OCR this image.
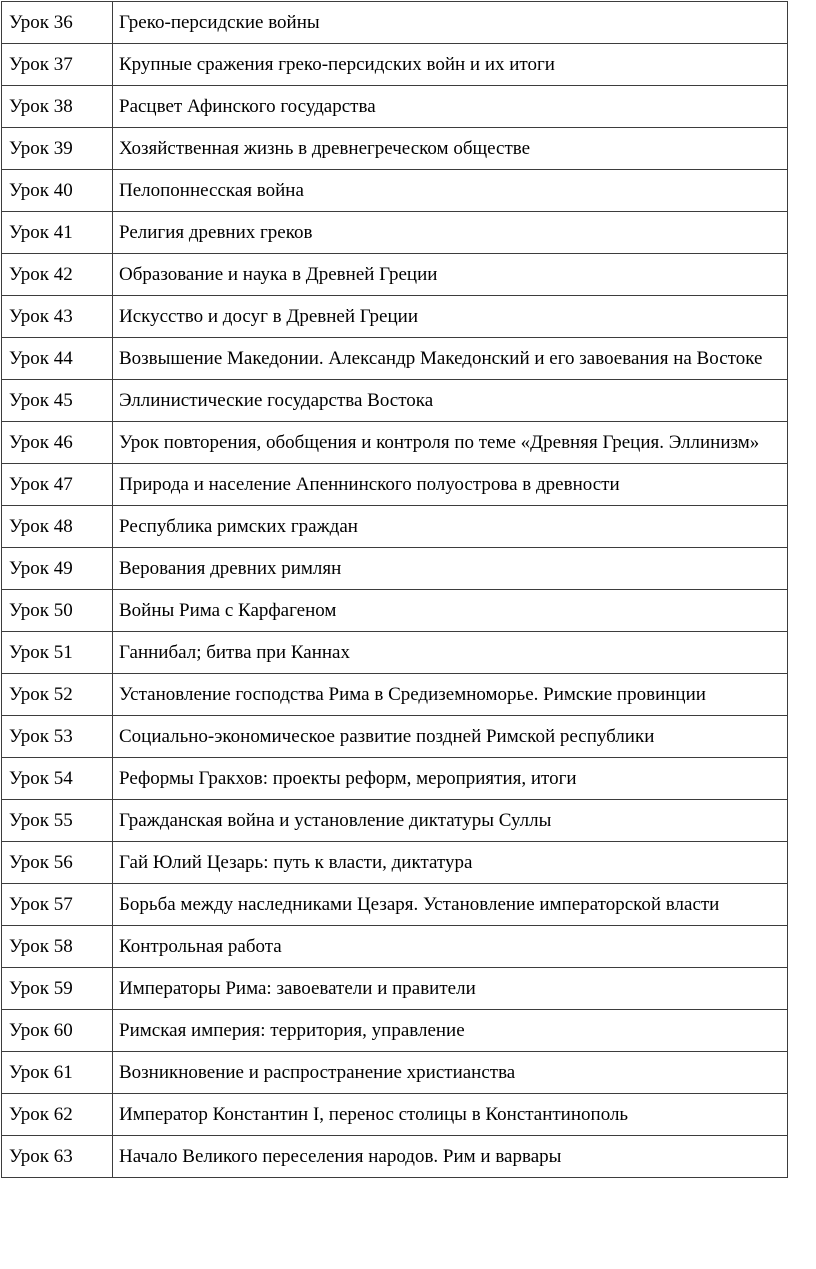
Урок 36	Греко-персидские войны
Урок 37	Крупные сражения греко-персидских войн и их итоги
Урок 38	Расцвет Афинского государства
Урок 39	Хозяйственная жизнь в древнегреческом обществе
Урок 40	Пелопоннесская война
Урок 41	Религия древних греков
Урок 42	Образование и наука в Древней Греции
Урок 43	Искусство и досуг в Древней Греции
Урок 44	Возвышение Македонии. Александр Македонский и его завоевания на Востоке
Урок 45	Эллинистические государства Востока
Урок 46	Урок повторения, обобщения и контроля по теме «Древняя Греция. Эллинизм»
Урок 47	Природа и население Апеннинского полуострова в древности
Урок 48	Республика римских граждан
Урок 49	Верования древних римлян
Урок 50	Войны Рима с Карфагеном
Урок 51	Ганнибал; битва при Каннах
Урок 52	Установление господства Рима в Средиземноморье. Римские провинции
Урок 53	Социально-экономическое развитие поздней Римской республики
Урок 54	Реформы Гракхов: проекты реформ, мероприятия, итоги
Урок 55	Гражданская война и установление диктатуры Суллы
Урок 56	Гай Юлий Цезарь: путь к власти, диктатура
Урок 57	Борьба между наследниками Цезаря. Установление императорской власти
Урок 58	Контрольная работа
Урок 59	Императоры Рима: завоеватели и правители
Урок 60	Римская империя: территория, управление
Урок 61	Возникновение и распространение христианства
Урок 62	Император Константин I, перенос столицы в Константинополь
Урок 63	Начало Великого переселения народов. Рим и варвары
